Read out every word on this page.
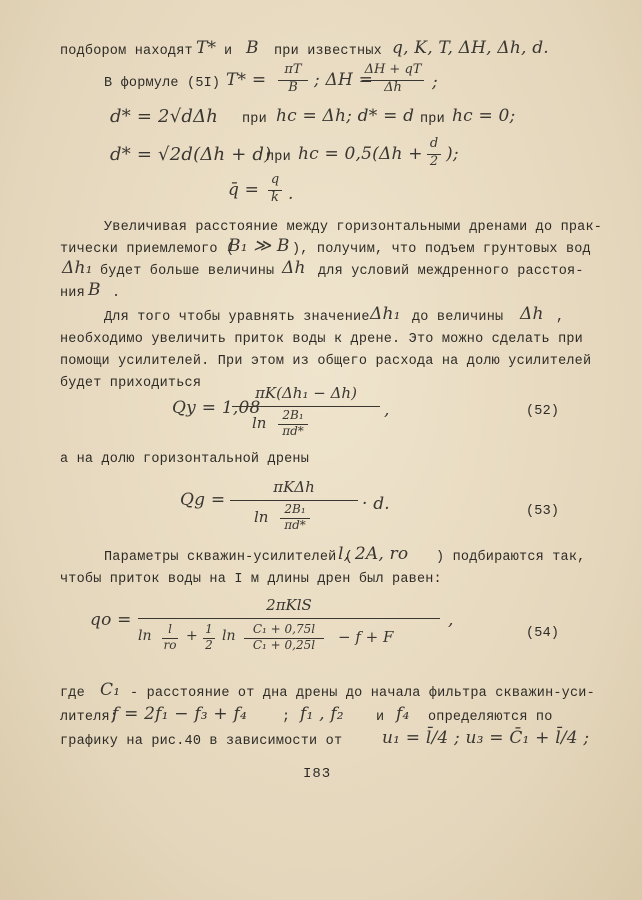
подбором находят T* и B при известных q, K, T, ΔH, Δh, d.
В формуле (5I) T* =
πT
B ; ΔH =
ΔH + qT
Δh	;
d* = 2√dΔh при hc = Δh; d* = d при hc = 0;
d* = √2d(Δh + d)
при hc = 0,5(Δh +
d
2 );
q̄ =
q
k .
Увеличивая расстояние между горизонтальными дренами до прак-
тически приемлемого (
B₁ ≫ B ), получим, что подъем грунтовых вод
Δh₁ будет больше величины Δh для условий междренного расстоя-
ния B .
Для того чтобы уравнять значение Δh₁ до величины Δh ,
необходимо увеличить приток воды к дрене. Это можно сделать при
помощи усилителей. При этом из общего расхода на долю усилителей
будет приходиться
Qу = 1,08
πK(Δh₁ − Δh)
ln	2B₁
πd*
,	(52)
а на долю горизонтальной дрены
Qg =
πKΔh
ln	2B₁
πd*
· d.	(53)
Параметры скважин-усилителей (
l, 2A, ro ) подбираются так,
чтобы приток воды на I м длины дрен был равен:
qo =
2πKlS
ln	l
ro
+ 1
2
ln	C₁ + 0,75l
C₁ + 0,25l	− f + F
,
(54)
где C₁ - расстояние от дна дрены до начала фильтра скважин-уси-
лителя;
f = 2f₁ − f₃ + f₄	; f₁ , f₂ и f₄ определяются по
графику на рис.40 в зависимости от u₁ = l̄/4 ; u₃ = C̄₁ + l̄/4 ;
I83
